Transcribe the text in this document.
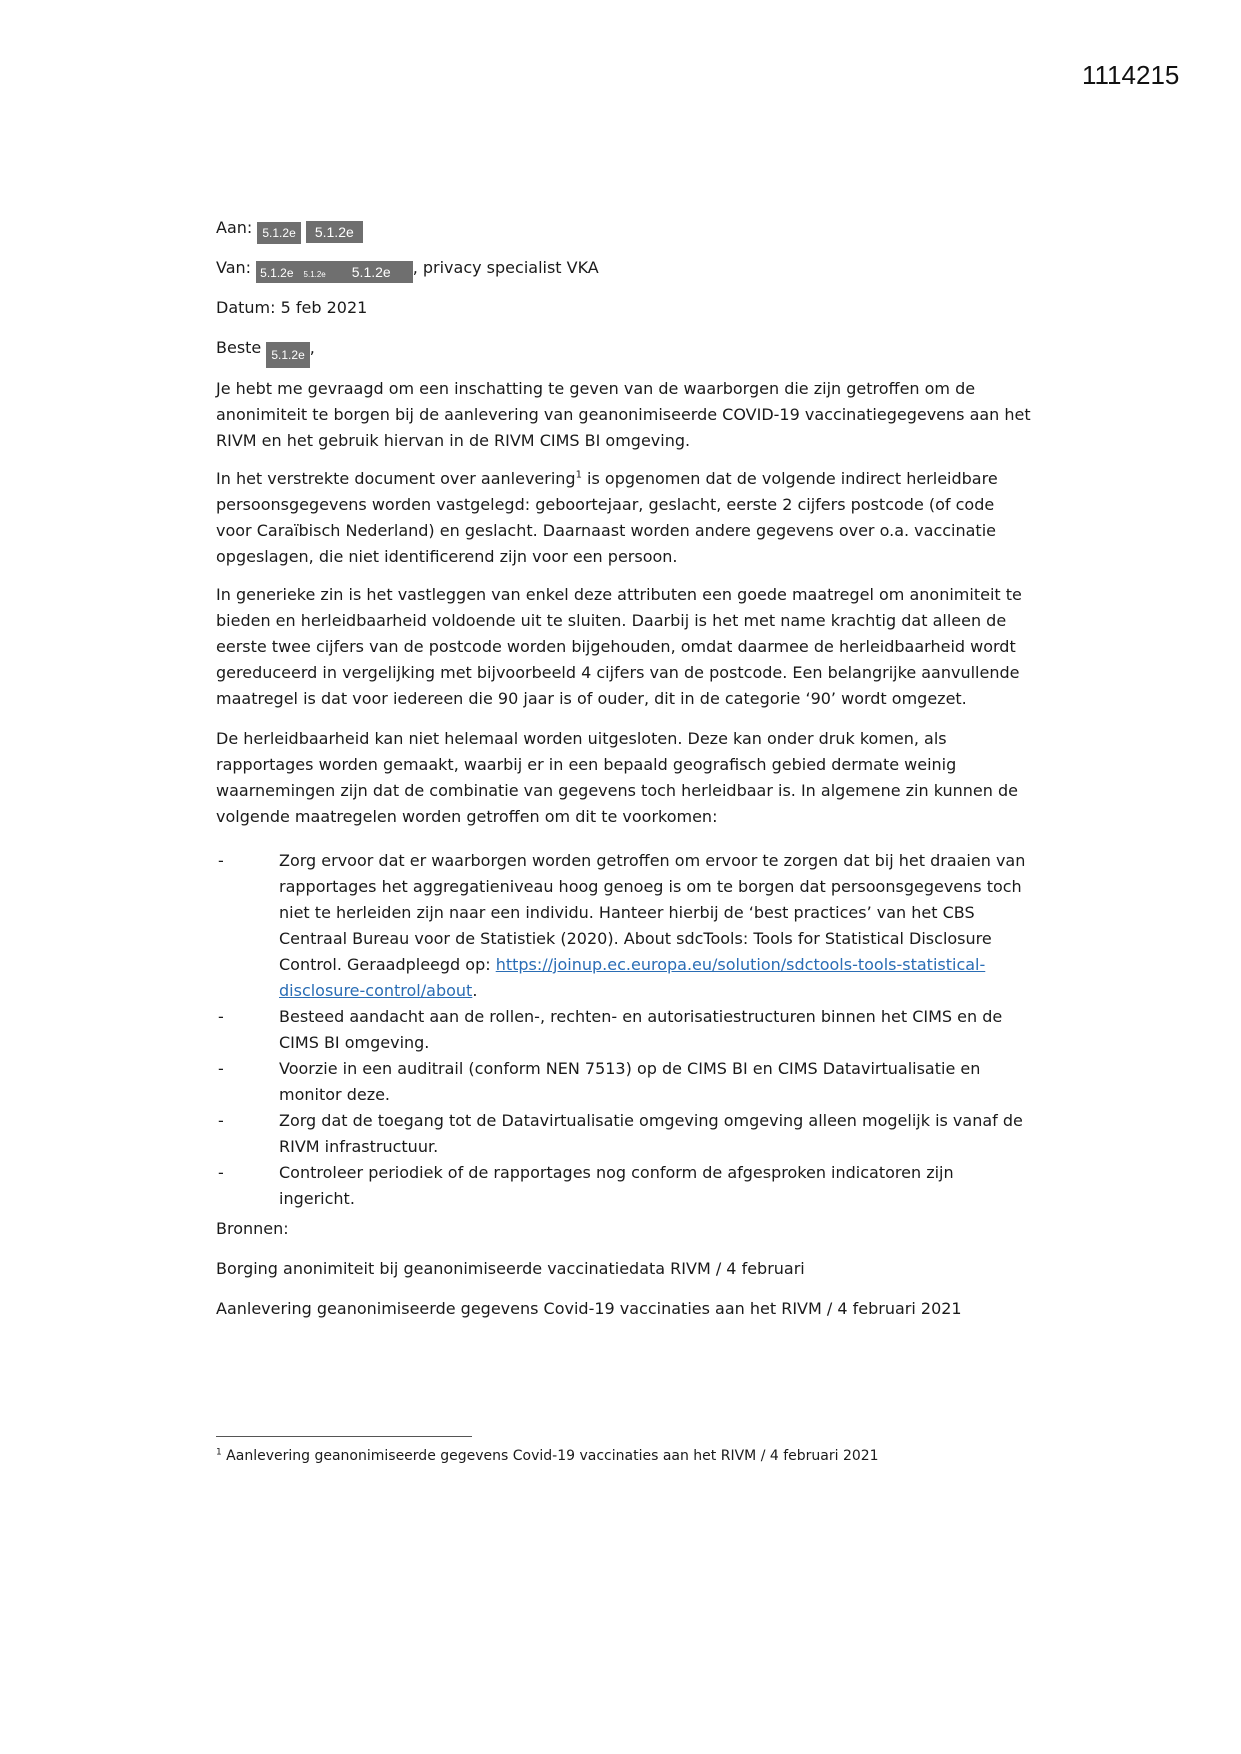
1114215
Aan: 5.1.2e 5.1.2e
Van: 5.1.2e 5.1.2e 5.1.2e , privacy specialist VKA
Datum: 5 feb 2021
Beste 5.1.2e ,

Je hebt me gevraagd om een inschatting te geven van de waarborgen die zijn getroffen om de anonimiteit te borgen bij de aanlevering van geanonimiseerde COVID-19 vaccinatiegegevens aan het RIVM en het gebruik hiervan in de RIVM CIMS BI omgeving.

In het verstrekte document over aanlevering$^1$ is opgenomen dat de volgende indirect herleidbare persoonsgegevens worden vastgelegd: geboortejaar, geslacht, eerste 2 cijfers postcode (of code voor Caraïbisch Nederland) en geslacht. Daarnaast worden andere gegevens over o.a. vaccinatie opgeslagen, die niet identificerend zijn voor een persoon.

In generieke zin is het vastleggen van enkel deze attributen een goede maatregel om anonimiteit te bieden en herleidbaarheid voldoende uit te sluiten. Daarbij is het met name krachtig dat alleen de eerste twee cijfers van de postcode worden bijgehouden, omdat daarmee de herleidbaarheid wordt gereduceerd in vergelijking met bijvoorbeeld 4 cijfers van de postcode. Een belangrijke aanvullende maatregel is dat voor iedereen die 90 jaar is of ouder, dit in de categorie ‘90’ wordt omgezet.

De herleidbaarheid kan niet helemaal worden uitgesloten. Deze kan onder druk komen, als rapportages worden gemaakt, waarbij er in een bepaald geografisch gebied dermate weinig waarnemingen zijn dat de combinatie van gegevens toch herleidbaar is. In algemene zin kunnen de volgende maatregelen worden getroffen om dit te voorkomen:

-	Zorg ervoor dat er waarborgen worden getroffen om ervoor te zorgen dat bij het draaien van rapportages het aggregatieniveau hoog genoeg is om te borgen dat persoonsgegevens toch niet te herleiden zijn naar een individu. Hanteer hierbij de ‘best practices’ van het CBS Centraal Bureau voor de Statistiek (2020). About sdcTools: Tools for Statistical Disclosure Control. Geraadpleegd op: https://joinup.ec.europa.eu/solution/sdctools-tools-statistical-disclosure-control/about.
-	Besteed aandacht aan de rollen-, rechten- en autorisatiestructuren binnen het CIMS en de CIMS BI omgeving.
-	Voorzie in een auditrail (conform NEN 7513) op de CIMS BI en CIMS Datavirtualisatie en monitor deze.
-	Zorg dat de toegang tot de Datavirtualisatie omgeving omgeving alleen mogelijk is vanaf de RIVM infrastructuur.
-	Controleer periodiek of de rapportages nog conform de afgesproken indicatoren zijn ingericht.
Bronnen:
Borging anonimiteit bij geanonimiseerde vaccinatiedata RIVM / 4 februari
Aanlevering geanonimiseerde gegevens Covid-19 vaccinaties aan het RIVM / 4 februari 2021
$^1$ Aanlevering geanonimiseerde gegevens Covid-19 vaccinaties aan het RIVM / 4 februari 2021
